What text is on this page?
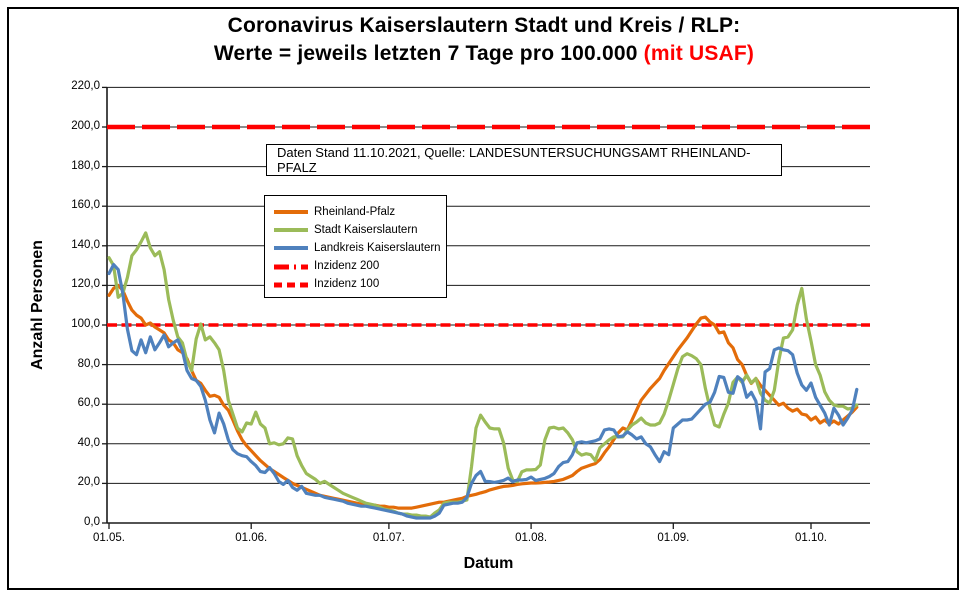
Coronavirus Kaiserslautern Stadt und Kreis / RLP:
Werte = jeweils letzten 7 Tage pro 100.000 (mit USAF)
220,0
200,0
180,0
160,0
140,0
120,0
100,0
80,0
60,0
40,0
20,0
0,0
01.05.	01.06.	01.07.	01.08.	01.09.	01.10.
Anzahl Personen
Datum
Daten Stand 11.10.2021, Quelle: LANDESUNTERSUCHUNGSAMT RHEINLAND-PFALZ
Rheinland-Pfalz
Stadt Kaiserslautern
Landkreis Kaiserslautern
Inzidenz 200
Inzidenz 100
